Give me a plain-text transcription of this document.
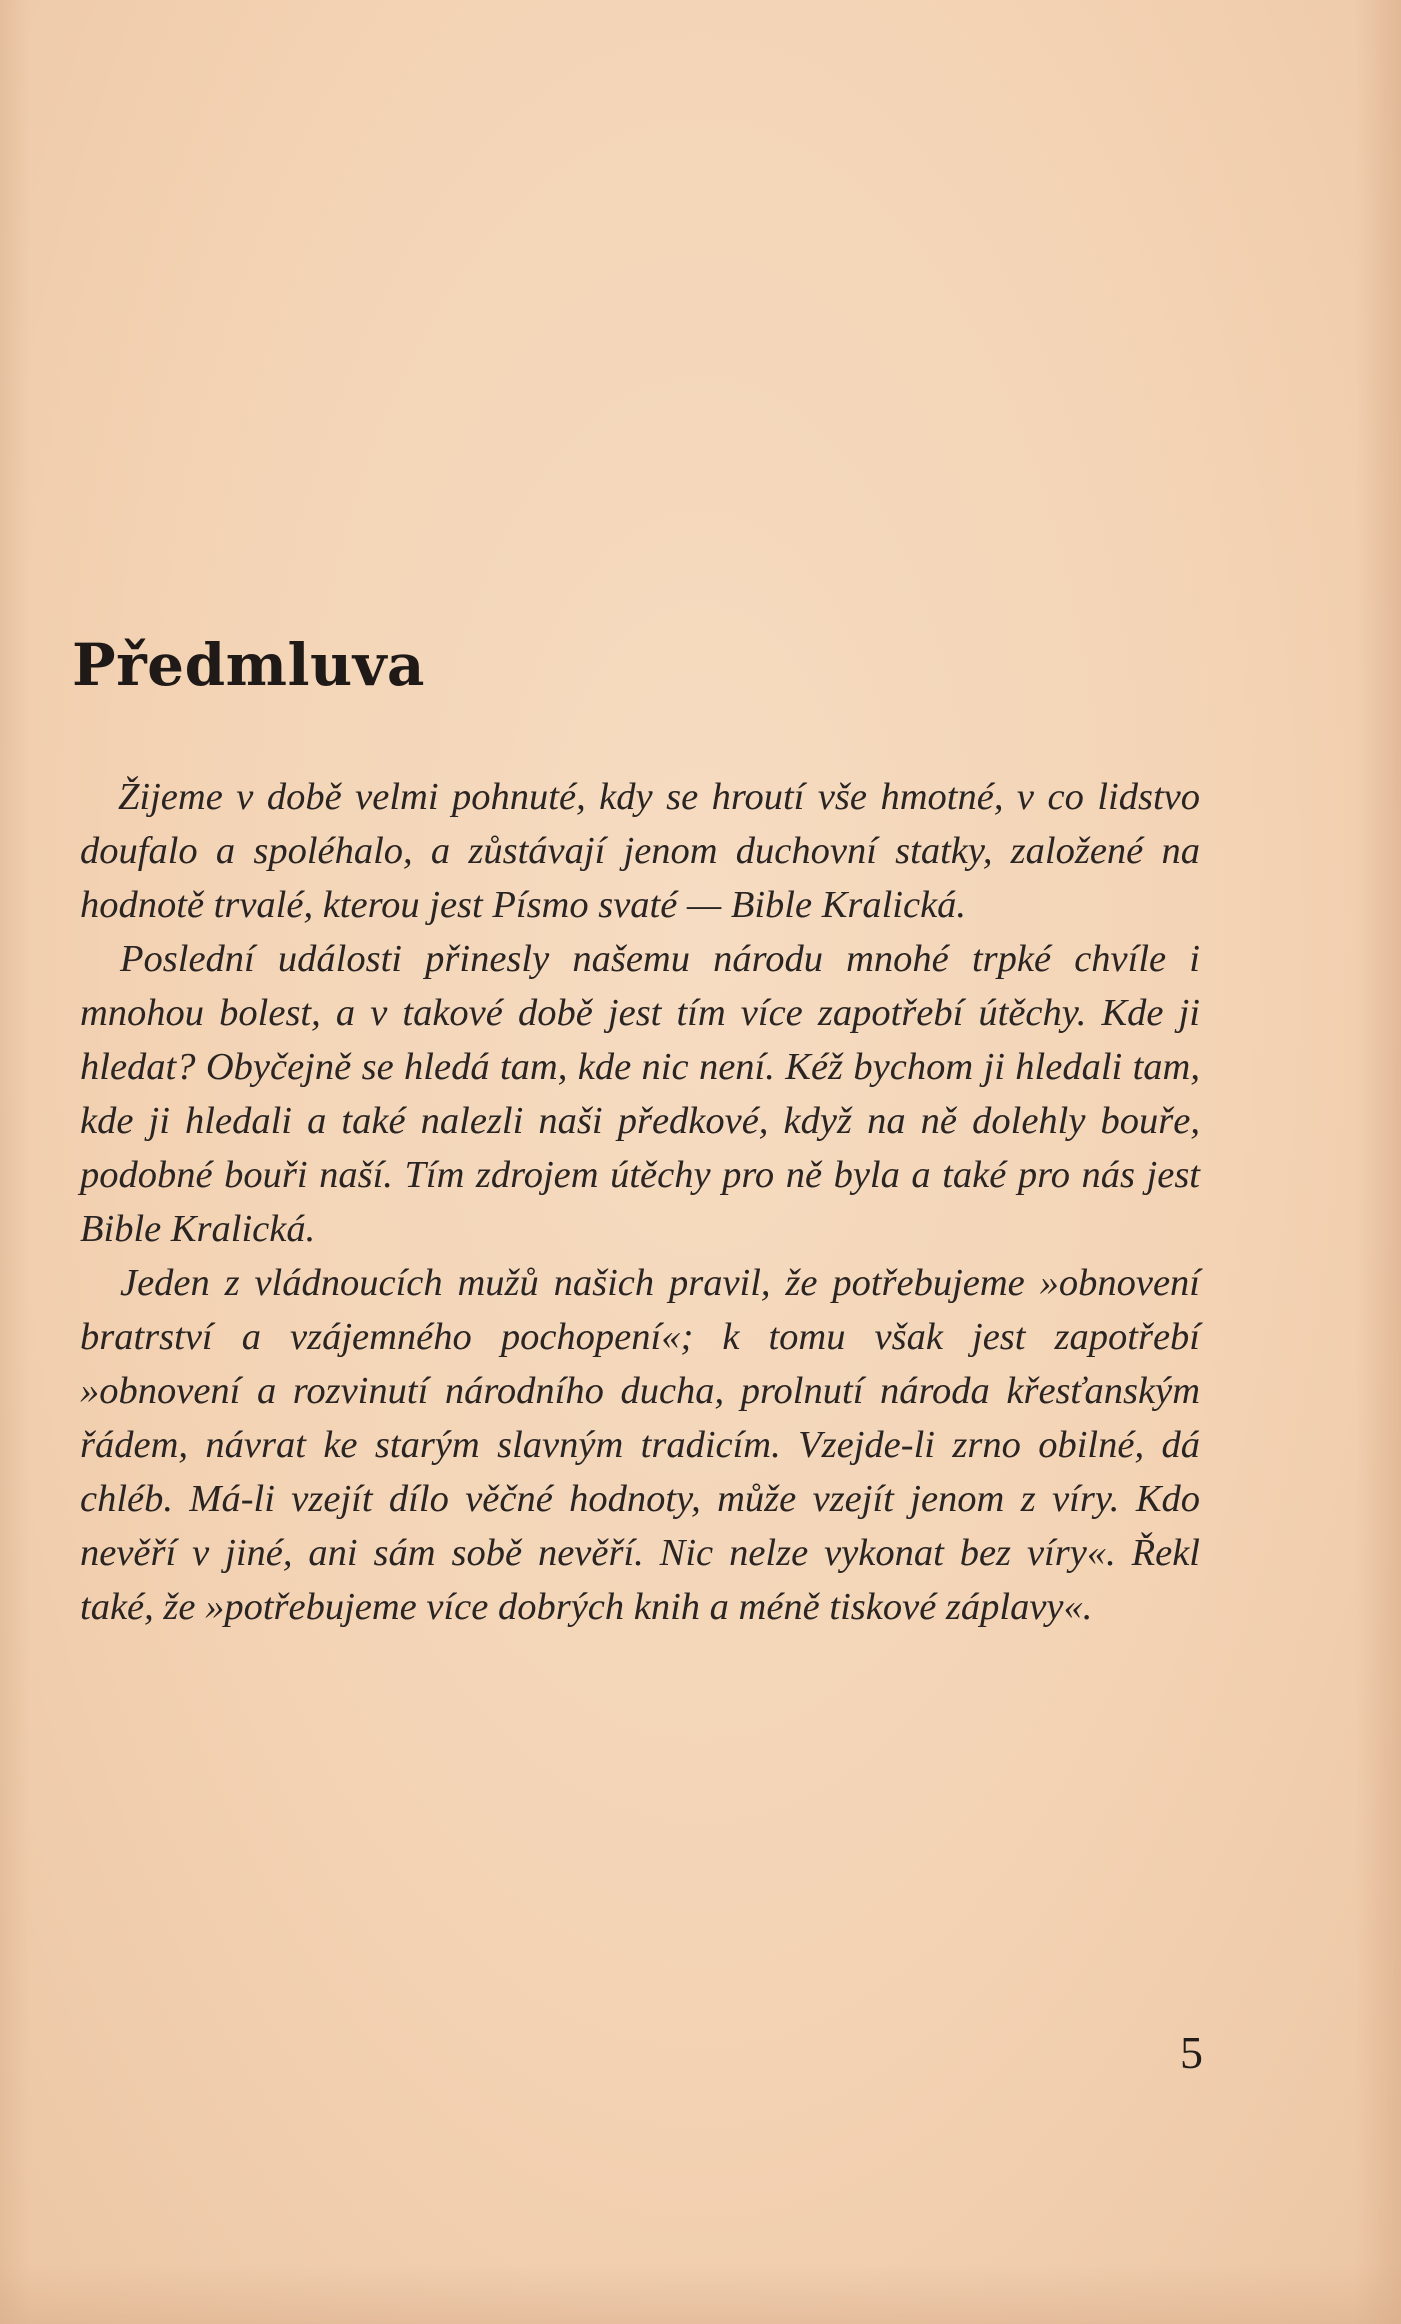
Předmluva

Žijeme v době velmi pohnuté, kdy se hroutí vše hmotné, v co lidstvo doufalo a spoléhalo, a zůstávají jenom duchovní statky, založené na hodnotě trvalé, kterou jest Písmo svaté — Bible Kralická.

Poslední události přinesly našemu národu mnohé trpké chvíle i mnohou bolest, a v takové době jest tím více zapotřebí útěchy. Kde ji hledat? Obyčejně se hledá tam, kde nic není. Kéž bychom ji hledali tam, kde ji hledali a také nalezli naši předkové, když na ně dolehly bouře, podobné bouři naší. Tím zdrojem útěchy pro ně byla a také pro nás jest Bible Kralická.

Jeden z vládnoucích mužů našich pravil, že potřebujeme »obnovení bratrství a vzájemného pochopení«; k tomu však jest zapotřebí »obnovení a rozvinutí národního ducha, prolnutí národa křesťanským řádem, návrat ke starým slavným tradicím. Vzejde-li zrno obilné, dá chléb. Má-li vzejít dílo věčné hodnoty, může vzejít jenom z víry. Kdo nevěří v jiné, ani sám sobě nevěří. Nic nelze vykonat bez víry«. Řekl také, že »potřebujeme více dobrých knih a méně tiskové záplavy«.

5
